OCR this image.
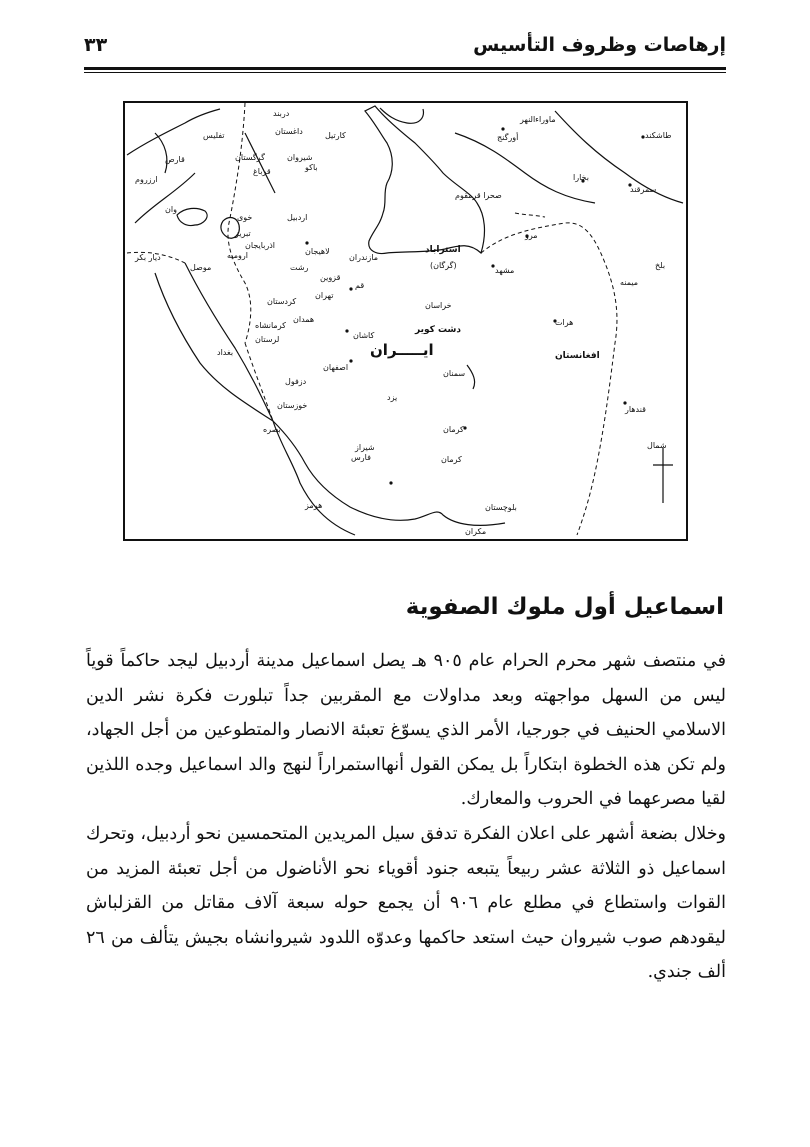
إرهاصات وظروف التأسيس
٣٣
ماوراءالنهر
طاشكند
أورگنج
بخارا
سمرقند
صحرا قرمقوم
مرو
بلخ
ميمنه
استراباد
(گرگان)
مشهد
سمنان
هرات
خراسان
دشت كوير
افغانستان
قندهار
دربند
داغستان
تفليس	كارتيل
شيروان
قارص
ارزروم
گرگستان
قرباغ	باكو
اردبيل
خوی
تبريز
اذربايجان
اروميه
وان
لاهيجان
رشت
مازندران
قزوين
قم
تهران
ديار بكر
موصل
كردستان
همدان
كرمانشاه
لرستان	كاشان
بغداد
اصفهان
دزفول
يزد
خوزستان
بصره	كرمان
شيراز
فارس	كرمان
هرمز	بلوچستان
مكران
شمال
ايـــــران
اسماعيل أول ملوك الصفوية

في منتصف شهر محرم الحرام عام ٩٠٥ هـ يصل اسماعيل مدينة أردبيل ليجد حاكماً قوياً ليس من السهل مواجهته وبعد مداولات مع المقربين جداً تبلورت فكرة نشر الدين الاسلامي الحنيف في جورجيا، الأمر الذي يسوّغ تعبئة الانصار والمتطوعين من أجل الجهاد، ولم تكن هذه الخطوة ابتكاراً بل يمكن القول أنهااستمراراً لنهج والد اسماعيل وجده اللذين لقيا مصرعهما في الحروب والمعارك.

وخلال بضعة أشهر على اعلان الفكرة تدفق سيل المريدين المتحمسين نحو أردبيل، وتحرك اسماعيل ذو الثلاثة عشر ربيعاً يتبعه جنود أقوياء نحو الأناضول من أجل تعبئة المزيد من القوات واستطاع في مطلع عام ٩٠٦ أن يجمع حوله سبعة آلاف مقاتل من القزلباش ليقودهم صوب شيروان حيث استعد حاكمها وعدوّه اللدود شيروانشاه بجيش يتألف من ٢٦ ألف جندي.
